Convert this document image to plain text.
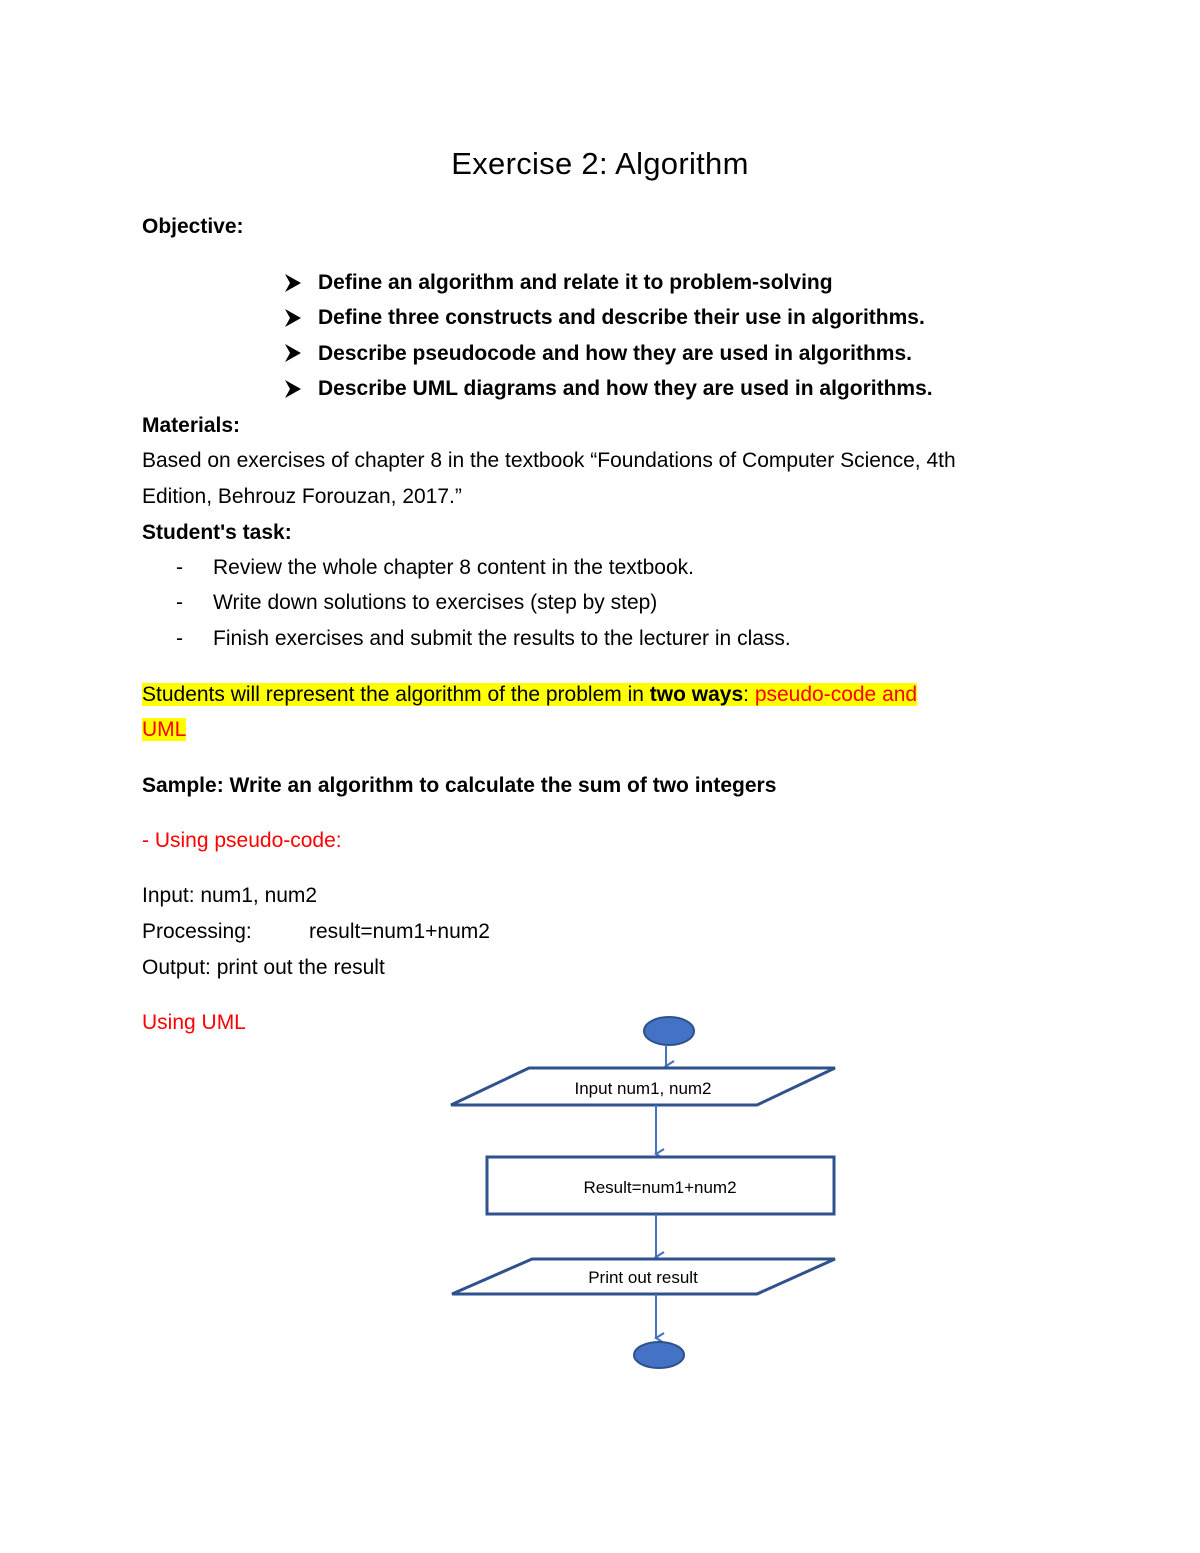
Exercise 2: Algorithm
Objective:
Define an algorithm and relate it to problem-solving
Define three constructs and describe their use in algorithms.
Describe pseudocode and how they are used in algorithms.
Describe UML diagrams and how they are used in algorithms.
Materials:
Based on exercises of chapter 8 in the textbook “Foundations of Computer Science, 4th
Edition, Behrouz Forouzan, 2017.”
Student's task:
- Review the whole chapter 8 content in the textbook.
- Write down solutions to exercises (step by step)
- Finish exercises and submit the results to the lecturer in class.
Students will represent the algorithm of the problem in two ways: pseudo-code and
UML
Sample: Write an algorithm to calculate the sum of two integers
- Using pseudo-code:
Input: num1, num2
Processing:	result=num1+num2
Output: print out the result
Using UML
Input num1, num2
Result=num1+num2
Print out result
